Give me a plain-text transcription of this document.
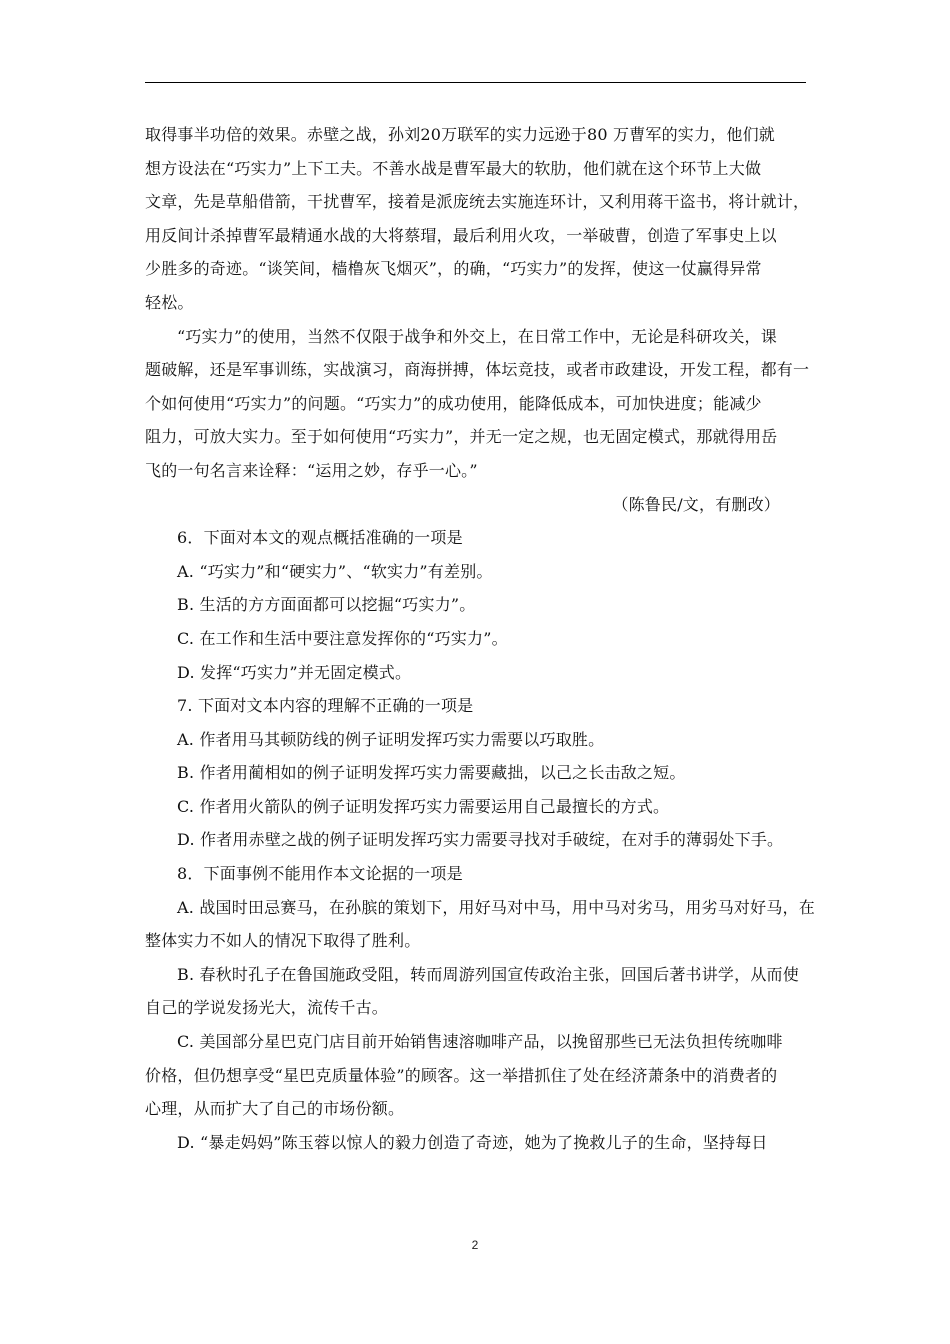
取得事半功倍的效果。赤壁之战，孙刘20万联军的实力远逊于80 万曹军的实力，他们就
想方设法在“巧实力”上下工夫。不善水战是曹军最大的软肋，他们就在这个环节上大做
文章，先是草船借箭，干扰曹军，接着是派庞统去实施连环计，又利用蒋干盗书，将计就计，
用反间计杀掉曹军最精通水战的大将蔡瑁，最后利用火攻，一举破曹，创造了军事史上以
少胜多的奇迹。“谈笑间，樯橹灰飞烟灭”，的确，“巧实力”的发挥，使这一仗赢得异常
轻松。
“巧实力”的使用，当然不仅限于战争和外交上，在日常工作中，无论是科研攻关，课
题破解，还是军事训练，实战演习，商海拼搏，体坛竞技，或者市政建设，开发工程，都有一
个如何使用“巧实力”的问题。“巧实力”的成功使用，能降低成本，可加快进度；能减少
阻力，可放大实力。至于如何使用“巧实力”，并无一定之规，也无固定模式，那就得用岳
飞的一句名言来诠释：“运用之妙，存乎一心。”
（陈鲁民/文，有删改）
6．下面对本文的观点概括准确的一项是
A. “巧实力”和“硬实力”、“软实力”有差别。
B. 生活的方方面面都可以挖掘“巧实力”。
C. 在工作和生活中要注意发挥你的“巧实力”。
D. 发挥“巧实力”并无固定模式。
7. 下面对文本内容的理解不正确的一项是
A. 作者用马其顿防线的例子证明发挥巧实力需要以巧取胜。
B. 作者用蔺相如的例子证明发挥巧实力需要藏拙，以己之长击敌之短。
C. 作者用火箭队的例子证明发挥巧实力需要运用自己最擅长的方式。
D. 作者用赤壁之战的例子证明发挥巧实力需要寻找对手破绽，在对手的薄弱处下手。
8．下面事例不能用作本文论据的一项是
A. 战国时田忌赛马，在孙膑的策划下，用好马对中马，用中马对劣马，用劣马对好马，在
整体实力不如人的情况下取得了胜利。
B. 春秋时孔子在鲁国施政受阻，转而周游列国宣传政治主张，回国后著书讲学，从而使
自己的学说发扬光大，流传千古。
C. 美国部分星巴克门店目前开始销售速溶咖啡产品，以挽留那些已无法负担传统咖啡
价格，但仍想享受“星巴克质量体验”的顾客。这一举措抓住了处在经济萧条中的消费者的
心理，从而扩大了自己的市场份额。
D. “暴走妈妈”陈玉蓉以惊人的毅力创造了奇迹，她为了挽救儿子的生命，坚持每日
2
